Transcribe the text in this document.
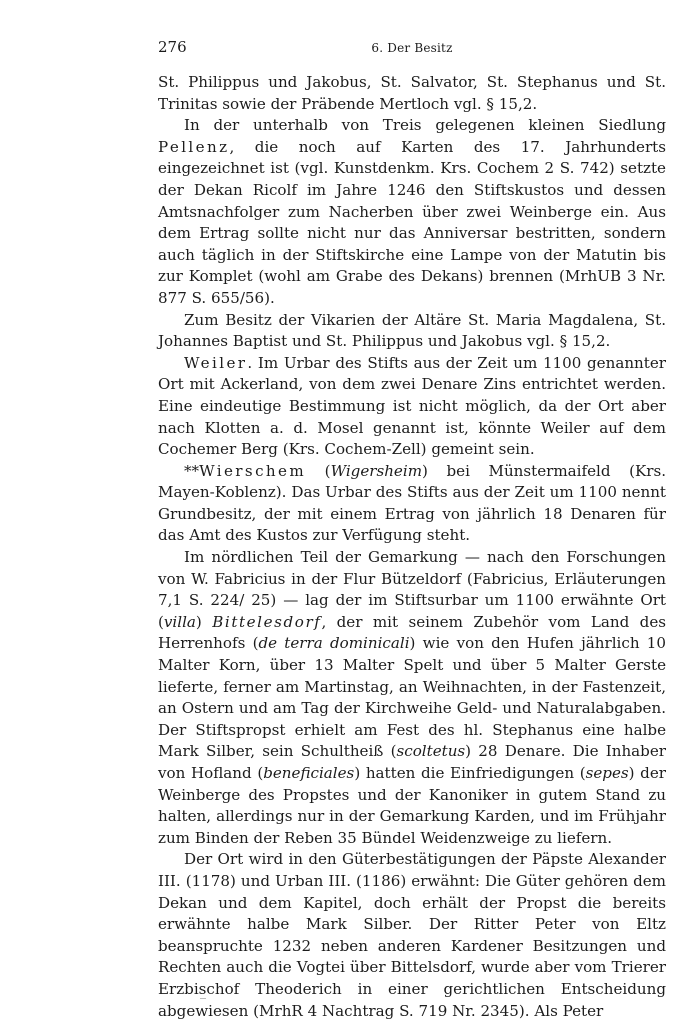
276	6. Der Besitz

St. Philippus und Jakobus, St. Salvator, St. Stephanus und St. Trinitas sowie der Präbende Mertloch vgl. § 15,2.

In der unterhalb von Treis gelegenen kleinen Siedlung Pellenz, die noch auf Karten des 17. Jahrhunderts eingezeichnet ist (vgl. Kunstdenkm. Krs. Cochem 2 S. 742) setzte der Dekan Ricolf im Jahre 1246 den Stiftskustos und dessen Amtsnachfolger zum Nacherben über zwei Weinberge ein. Aus dem Ertrag sollte nicht nur das Anniversar bestritten, sondern auch täglich in der Stiftskirche eine Lampe von der Matutin bis zur Komplet (wohl am Grabe des Dekans) brennen (MrhUB 3 Nr. 877 S. 655/56).

Zum Besitz der Vikarien der Altäre St. Maria Magdalena, St. Johannes Baptist und St. Philippus und Jakobus vgl. § 15,2.

Weiler. Im Urbar des Stifts aus der Zeit um 1100 genannter Ort mit Ackerland, von dem zwei Denare Zins entrichtet werden. Eine eindeutige Bestimmung ist nicht möglich, da der Ort aber nach Klotten a. d. Mosel genannt ist, könnte Weiler auf dem Cochemer Berg (Krs. Cochem-Zell) gemeint sein.

**Wierschem (Wigersheim) bei Münstermaifeld (Krs. Mayen-Koblenz). Das Urbar des Stifts aus der Zeit um 1100 nennt Grundbesitz, der mit einem Ertrag von jährlich 18 Denaren für das Amt des Kustos zur Verfügung steht.

Im nördlichen Teil der Gemarkung — nach den Forschungen von W. Fabricius in der Flur Bützeldorf (Fabricius, Erläuterungen 7,1 S. 224/ 25) — lag der im Stiftsurbar um 1100 erwähnte Ort (villa) Bittelesdorf, der mit seinem Zubehör vom Land des Herrenhofs (de terra dominicali) wie von den Hufen jährlich 10 Malter Korn, über 13 Malter Spelt und über 5 Malter Gerste lieferte, ferner am Martinstag, an Weihnachten, in der Fastenzeit, an Ostern und am Tag der Kirchweihe Geld- und Naturalabgaben. Der Stiftspropst erhielt am Fest des hl. Stephanus eine halbe Mark Silber, sein Schultheiß (scoltetus) 28 Denare. Die Inhaber von Hofland (beneficiales) hatten die Einfriedigungen (sepes) der Weinberge des Propstes und der Kanoniker in gutem Stand zu halten, allerdings nur in der Gemarkung Karden, und im Frühjahr zum Binden der Reben 35 Bündel Weidenzweige zu liefern.

Der Ort wird in den Güterbestätigungen der Päpste Alexander III. (1178) und Urban III. (1186) erwähnt: Die Güter gehören dem Dekan und dem Kapitel, doch erhält der Propst die bereits erwähnte halbe Mark Silber. Der Ritter Peter von Eltz beanspruchte 1232 neben anderen Kardener Besitzungen und Rechten auch die Vogtei über Bittelsdorf, wurde aber vom Trierer Erzbischof Theoderich in einer gerichtlichen Entscheidung abgewiesen (MrhR 4 Nachtrag S. 719 Nr. 2345). Als Peter
